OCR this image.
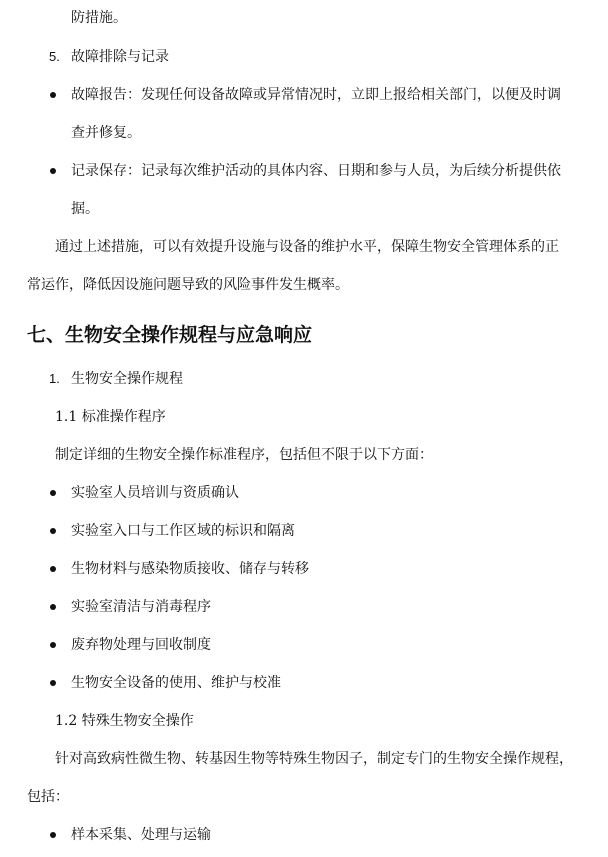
防措施。
5. 故障排除与记录
故障报告：发现任何设备故障或异常情况时，立即上报给相关部门，以便及时调
查并修复。
记录保存：记录每次维护活动的具体内容、日期和参与人员，为后续分析提供依
据。
通过上述措施，可以有效提升设施与设备的维护水平，保障生物安全管理体系的正
常运作，降低因设施问题导致的风险事件发生概率。
七、生物安全操作规程与应急响应
1. 生物安全操作规程
1.1 标准操作程序
制定详细的生物安全操作标准程序，包括但不限于以下方面：
实验室人员培训与资质确认
实验室入口与工作区域的标识和隔离
生物材料与感染物质接收、储存与转移
实验室清洁与消毒程序
废弃物处理与回收制度
生物安全设备的使用、维护与校准
1.2 特殊生物安全操作
针对高致病性微生物、转基因生物等特殊生物因子，制定专门的生物安全操作规程，
包括：
样本采集、处理与运输
